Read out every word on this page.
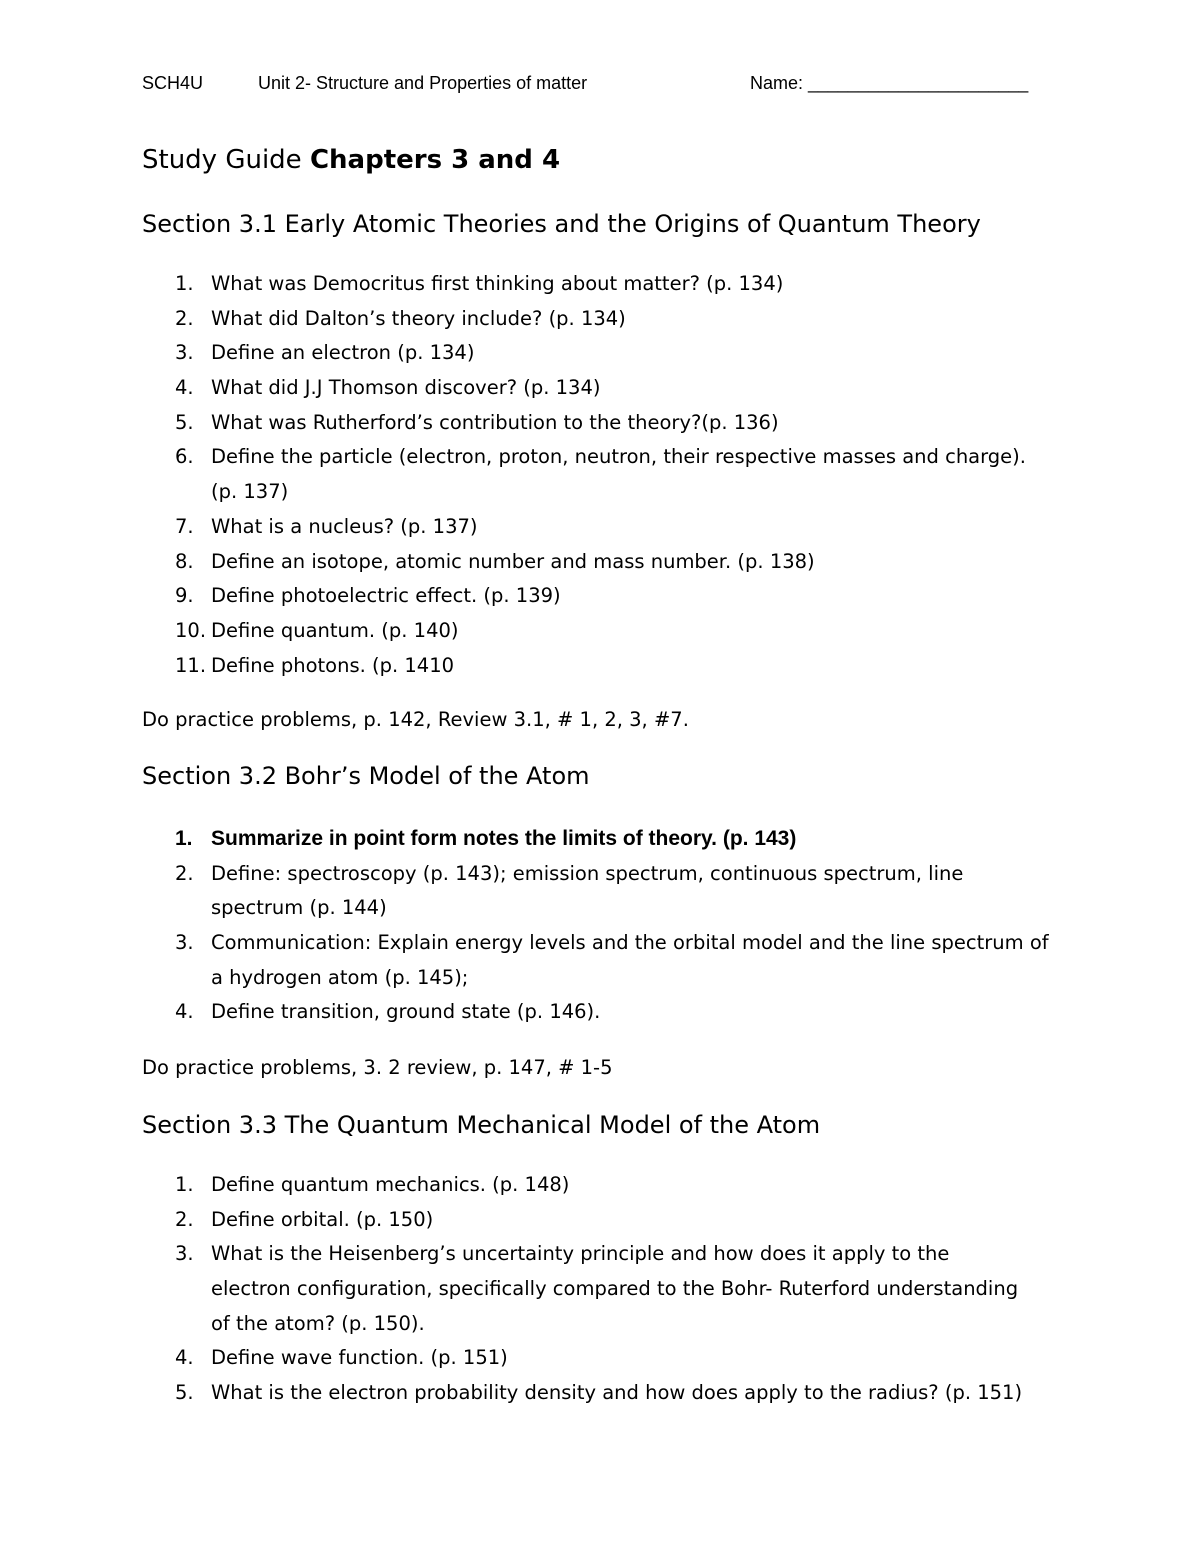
SCH4U	Unit 2- Structure and Properties of matter	Name: ______________________
Study Guide Chapters 3 and 4
Section 3.1 Early Atomic Theories and the Origins of Quantum Theory
1. What was Democritus first thinking about matter? (p. 134)
2. What did Dalton’s theory include? (p. 134)
3. Define an electron (p. 134)
4. What did J.J Thomson discover? (p. 134)
5. What was Rutherford’s contribution to the theory?(p. 136)
6. Define the particle (electron, proton, neutron, their respective masses and charge).
(p. 137)
7. What is a nucleus? (p. 137)
8. Define an isotope, atomic number and mass number. (p. 138)
9. Define photoelectric effect. (p. 139)
10. Define quantum. (p. 140)
11. Define photons. (p. 1410
Do practice problems, p. 142, Review 3.1, # 1, 2, 3, #7.
Section 3.2 Bohr’s Model of the Atom
1. Summarize in point form notes the limits of theory. (p. 143)
2. Define: spectroscopy (p. 143); emission spectrum, continuous spectrum, line
spectrum (p. 144)
3. Communication: Explain energy levels and the orbital model and the line spectrum of
a hydrogen atom (p. 145);
4. Define transition, ground state (p. 146).
Do practice problems, 3. 2 review, p. 147, # 1-5
Section 3.3 The Quantum Mechanical Model of the Atom
1. Define quantum mechanics. (p. 148)
2. Define orbital. (p. 150)
3. What is the Heisenberg’s uncertainty principle and how does it apply to the
electron configuration, specifically compared to the Bohr- Ruterford understanding
of the atom? (p. 150).
4. Define wave function. (p. 151)
5. What is the electron probability density and how does apply to the radius? (p. 151)
